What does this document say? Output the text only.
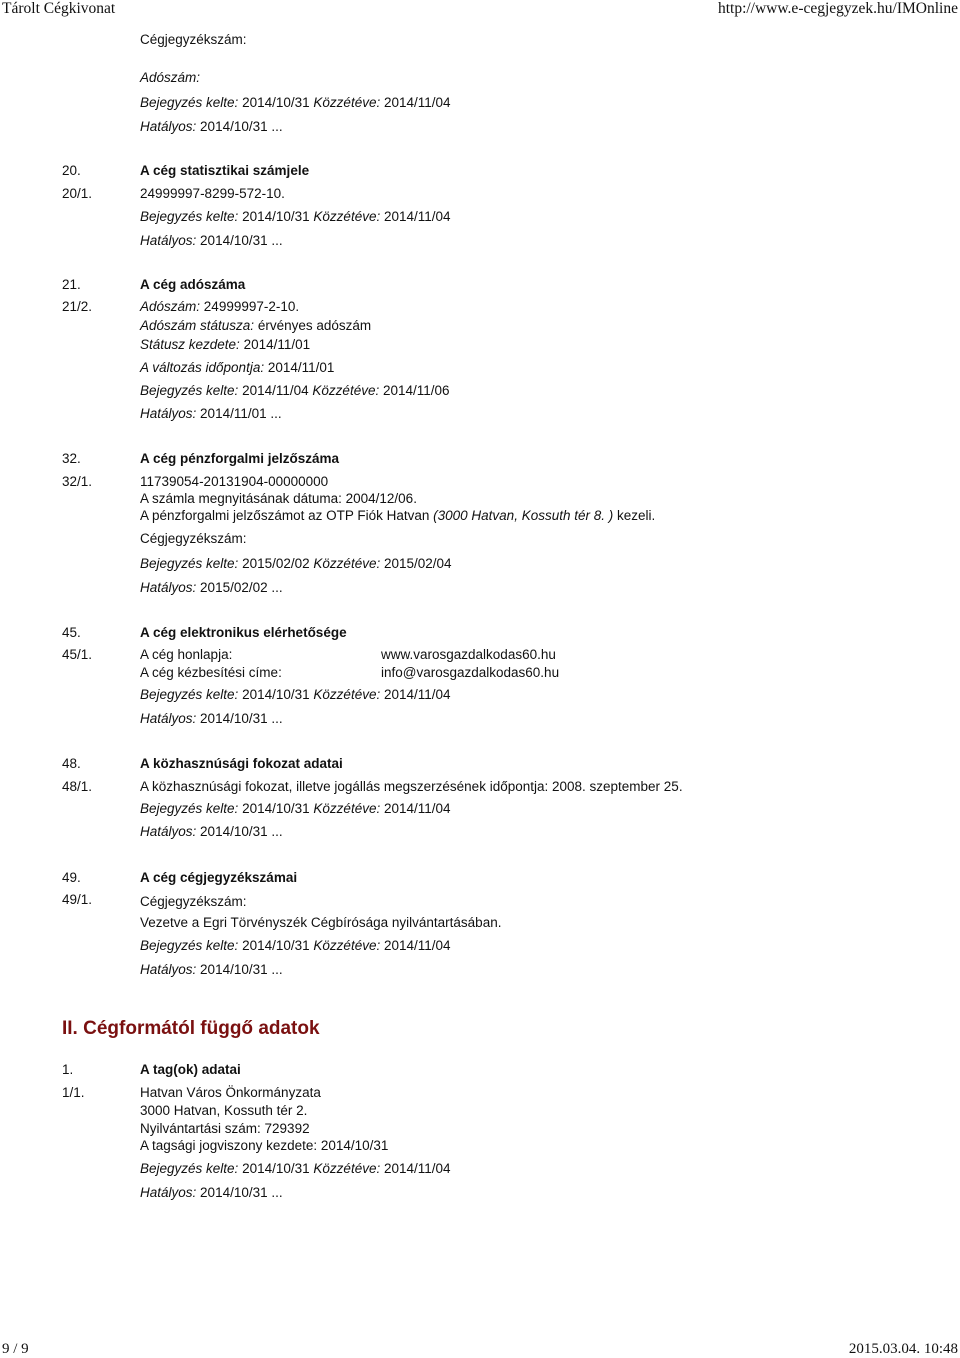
Tárolt Cégkivonat	http://www.e-cegjegyzek.hu/IMOnline
Cégjegyzékszám:
Adószám:
Bejegyzés kelte: 2014/10/31 Közzétéve: 2014/11/04
Hatályos: 2014/10/31 ...
20.	A cég statisztikai számjele
20/1.	24999997-8299-572-10.
Bejegyzés kelte: 2014/10/31 Közzétéve: 2014/11/04
Hatályos: 2014/10/31 ...
21.	A cég adószáma
21/2.	Adószám: 24999997-2-10.
Adószám státusza: érvényes adószám
Státusz kezdete: 2014/11/01
A változás időpontja: 2014/11/01
Bejegyzés kelte: 2014/11/04 Közzétéve: 2014/11/06
Hatályos: 2014/11/01 ...
32.	A cég pénzforgalmi jelzőszáma
32/1.	11739054-20131904-00000000
A számla megnyitásának dátuma: 2004/12/06.
A pénzforgalmi jelzőszámot az OTP Fiók Hatvan (3000 Hatvan, Kossuth tér 8. ) kezeli.
Cégjegyzékszám:
Bejegyzés kelte: 2015/02/02 Közzétéve: 2015/02/04
Hatályos: 2015/02/02 ...
45.	A cég elektronikus elérhetősége
45/1.	A cég honlapja:	www.varosgazdalkodas60.hu
A cég kézbesítési címe:	info@varosgazdalkodas60.hu
Bejegyzés kelte: 2014/10/31 Közzétéve: 2014/11/04
Hatályos: 2014/10/31 ...
48.	A közhasznúsági fokozat adatai
48/1.	A közhasznúsági fokozat, illetve jogállás megszerzésének időpontja: 2008. szeptember 25.
Bejegyzés kelte: 2014/10/31 Közzétéve: 2014/11/04
Hatályos: 2014/10/31 ...
49.	A cég cégjegyzékszámai
49/1.	Cégjegyzékszám:
Vezetve a Egri Törvényszék Cégbírósága nyilvántartásában.
Bejegyzés kelte: 2014/10/31 Közzétéve: 2014/11/04
Hatályos: 2014/10/31 ...
II. Cégformától függő adatok
1.	A tag(ok) adatai
1/1.	Hatvan Város Önkormányzata
3000 Hatvan, Kossuth tér 2.
Nyilvántartási szám: 729392
A tagsági jogviszony kezdete: 2014/10/31
Bejegyzés kelte: 2014/10/31 Közzétéve: 2014/11/04
Hatályos: 2014/10/31 ...
9 / 9	2015.03.04. 10:48
